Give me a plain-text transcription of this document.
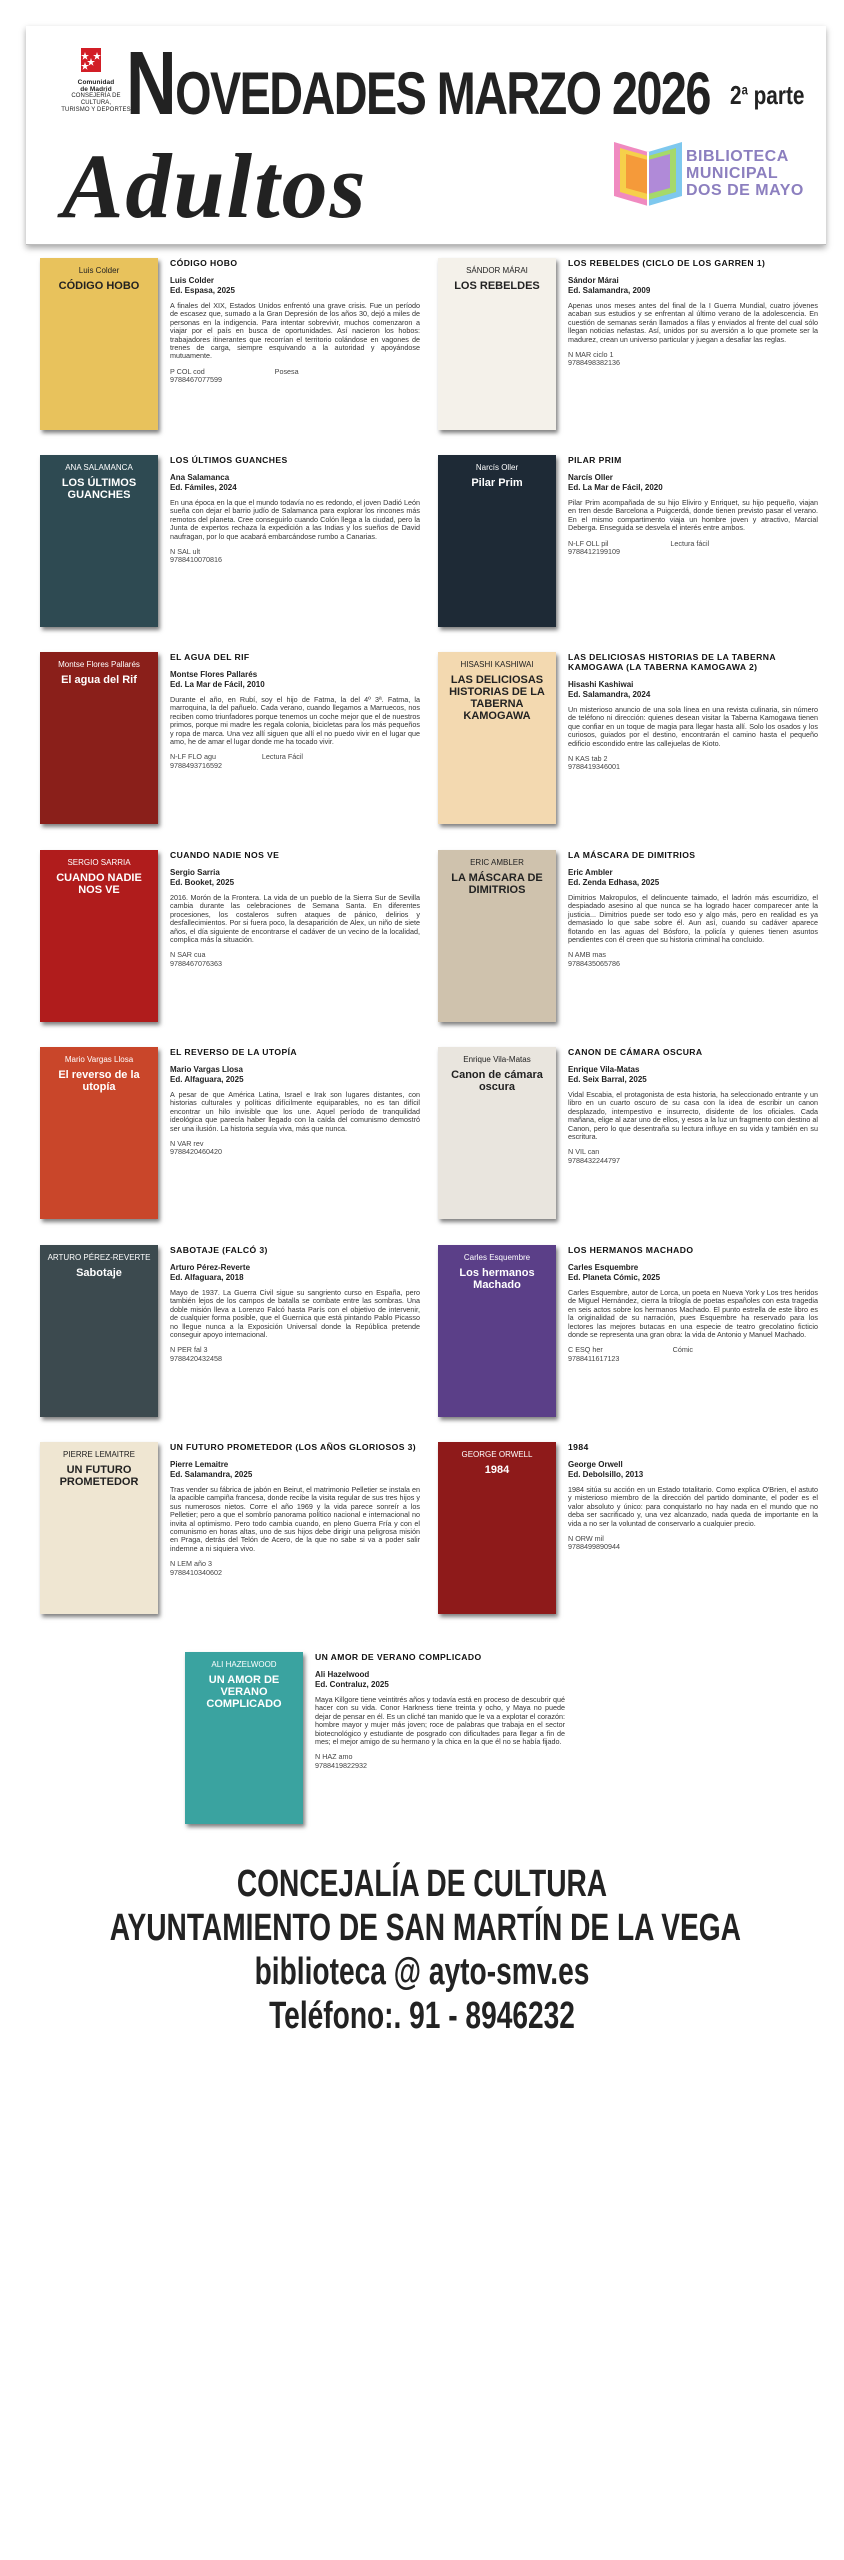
Comunidad
de Madrid
CONSEJERÍA DE CULTURA,
TURISMO Y DEPORTES
NOVEDADES MARZO 2026 2$^a$ parte
Adultos	BIBLIOTECA
MUNICIPAL
DOS DE MAYO
CÓDIGO HOBO
Luis Colder
CÓDIGO HOBO
Luis Colder
Ed. Espasa, 2025
A finales del XIX, Estados Unidos enfrentó una grave crisis. Fue un período de escasez que, sumado a la Gran Depresión de los años 30, dejó a miles de personas en la indigencia. Para intentar sobrevivir, muchos comenzaron a viajar por el país en busca de oportunidades. Así nacieron los hobos: trabajadores itinerantes que recorrían el territorio colándose en vagones de trenes de carga, siempre esquivando a la autoridad y apoyándose mutuamente.
P COL cod                                   Posesa
9788467077599
LOS REBELDES
SÁNDOR MÁRAI
LOS REBELDES (CICLO DE LOS GARREN 1)
Sándor Márai
Ed. Salamandra, 2009
Apenas unos meses antes del final de la I Guerra Mundial, cuatro jóvenes acaban sus estudios y se enfrentan al último verano de la adolescencia. En cuestión de semanas serán llamados a filas y enviados al frente del cual sólo llegan noticias nefastas. Así, unidos por su aversión a lo que promete ser la madurez, crean un universo particular y juegan a desafiar las reglas.
N MAR ciclo 1
9788498382136
LOS ÚLTIMOS GUANCHES
ANA SALAMANCA
LOS ÚLTIMOS GUANCHES
Ana Salamanca
Ed. Fámiles, 2024
En una época en la que el mundo todavía no es redondo, el joven Dadió León sueña con dejar el barrio judío de Salamanca para explorar los rincones más remotos del planeta. Cree conseguirlo cuando Colón llega a la ciudad, pero la Junta de expertos rechaza la expedición a las Indias y los sueños de David naufragan, por lo que acabará embarcándose rumbo a Canarias.
N SAL ult
9788410070816
Pilar Prim
Narcís Oller
PILAR PRIM
Narcís Oller
Ed. La Mar de Fácil, 2020
Pilar Prim acompañada de su hijo Eliviro y Enriquet, su hijo pequeño, viajan en tren desde Barcelona a Puigcerdá, donde tienen previsto pasar el verano. En el mismo compartimento viaja un hombre joven y atractivo, Marcial Deberga. Enseguida se desvela el interés entre ambos.
N-LF OLL pil                               Lectura fácil
9788412199109
El agua del Rif
Montse Flores Pallarés
EL AGUA DEL RIF
Montse Flores Pallarés
Ed. La Mar de Fácil, 2010
Durante el año, en Rubí, soy el hijo de Fatma, la del 4º 3ª. Fatma, la marroquina, la del pañuelo. Cada verano, cuando llegamos a Marruecos, nos reciben como triunfadores porque tenemos un coche mejor que el de nuestros primos, porque mi madre les regala colonia, bicicletas para los más pequeños y ropa de marca. Una vez allí siguen que allí el no puedo vivir en el lugar que amo, he de amar el lugar donde me ha tocado vivir.
N-LF FLO agu                       Lectura Fácil
9788493716592
LAS DELICIOSAS HISTORIAS DE LA TABERNA KAMOGAWA
HISASHI KASHIWAI
LAS DELICIOSAS HISTORIAS DE LA TABERNA KAMOGAWA (LA TABERNA KAMOGAWA 2)
Hisashi Kashiwai
Ed. Salamandra, 2024
Un misterioso anuncio de una sola línea en una revista culinaria, sin número de teléfono ni dirección: quienes desean visitar la Taberna Kamogawa tienen que confiar en un toque de magia para llegar hasta allí. Solo los osados y los curiosos, guiados por el destino, encontrarán el camino hasta el pequeño edificio escondido entre las callejuelas de Kioto.
N KAS tab 2
9788419346001
CUANDO NADIE NOS VE
SERGIO SARRIA
CUANDO NADIE NOS VE
Sergio Sarria
Ed. Booket, 2025
2016. Morón de la Frontera. La vida de un pueblo de la Sierra Sur de Sevilla cambia durante las celebraciones de Semana Santa. En diferentes procesiones, los costaleros sufren ataques de pánico, delirios y desfallecimientos. Por si fuera poco, la desaparición de Alex, un niño de siete años, el día siguiente de encontrarse el cadáver de un vecino de la localidad, complica más la situación.
N SAR cua
9788467076363
LA MÁSCARA DE DIMITRIOS
ERIC AMBLER
LA MÁSCARA DE DIMITRIOS
Eric Ambler
Ed. Zenda Edhasa, 2025
Dimitrios Makropulos, el delincuente taimado, el ladrón más escurridizo, el despiadado asesino al que nunca se ha logrado hacer comparecer ante la justicia... Dimitrios puede ser todo eso y algo más, pero en realidad es ya demasiado lo que sabe sobre él. Aun así, cuando su cadáver aparece flotando en las aguas del Bósforo, la policía y quienes tienen asuntos pendientes con él creen que su historia criminal ha concluido.
N AMB mas
9788435065786
El reverso de la utopía
Mario Vargas Llosa
EL REVERSO DE LA UTOPÍA
Mario Vargas Llosa
Ed. Alfaguara, 2025
A pesar de que América Latina, Israel e Irak son lugares distantes, con historias culturales y políticas difícilmente equiparables, no es tan difícil encontrar un hilo invisible que los une. Aquel período de tranquilidad ideológica que parecía haber llegado con la caída del comunismo demostró ser una ilusión. La historia seguía viva, más que nunca.
N VAR rev
9788420460420
Canon de cámara oscura
Enrique Vila-Matas
CANON DE CÁMARA OSCURA
Enrique Vila-Matas
Ed. Seix Barral, 2025
Vidal Escabia, el protagonista de esta historia, ha seleccionado entrante y un libro en un cuarto oscuro de su casa con la idea de escribir un canon desplazado, intempestivo e insurrecto, disidente de los oficiales. Cada mañana, elige al azar uno de ellos, y esos a la luz un fragmento con destino al Canon, pero lo que desentraña su lectura influye en su vida y también en su escritura.
N VIL can
9788432244797
Sabotaje
ARTURO PÉREZ-REVERTE
SABOTAJE (FALCÓ 3)
Arturo Pérez-Reverte
Ed. Alfaguara, 2018
Mayo de 1937. La Guerra Civil sigue su sangriento curso en España, pero también lejos de los campos de batalla se combate entre las sombras. Una doble misión lleva a Lorenzo Falcó hasta París con el objetivo de intervenir, de cualquier forma posible, que el Guernica que está pintando Pablo Picasso no llegue nunca a la Exposición Universal donde la República pretende conseguir apoyo internacional.
N PER fal 3
9788420432458
Los hermanos Machado
Carles Esquembre
LOS HERMANOS MACHADO
Carles Esquembre
Ed. Planeta Cómic, 2025
Carles Esquembre, autor de Lorca, un poeta en Nueva York y Los tres heridos de Miguel Hernández, cierra la trilogía de poetas españoles con esta tragedia en seis actos sobre los hermanos Machado. El punto estrella de este libro es la originalidad de su narración, pues Esquembre ha reservado para los lectores las mejores butacas en una especie de teatro grecolatino ficticio donde se representa una gran obra: la vida de Antonio y Manuel Machado.
C ESQ her                                   Cómic
9788411617123
UN FUTURO PROMETEDOR
PIERRE LEMAITRE
UN FUTURO PROMETEDOR (LOS AÑOS GLORIOSOS 3)
Pierre Lemaitre
Ed. Salamandra, 2025
Tras vender su fábrica de jabón en Beirut, el matrimonio Pelletier se instala en la apacible campiña francesa, donde recibe la visita regular de sus tres hijos y sus numerosos nietos. Corre el año 1969 y la vida parece sonreír a los Pelletier; pero a que el sombrío panorama político nacional e internacional no invita al optimismo. Pero todo cambia cuando, en pleno Guerra Fría y con el comunismo en horas altas, uno de sus hijos debe dirigir una peligrosa misión en Praga, detrás del Telón de Acero, de la que no sabe si va a poder salir indemne a ni siquiera vivo.
N LEM año 3
9788410340602
1984
GEORGE ORWELL
1984
George Orwell
Ed. Debolsillo, 2013
1984 sitúa su acción en un Estado totalitario. Como explica O'Brien, el astuto y misterioso miembro de la dirección del partido dominante, el poder es el valor absoluto y único: para conquistarlo no hay nada en el mundo que no deba ser sacrificado y, una vez alcanzado, nada queda de importante en la vida a no ser la voluntad de conservarlo a cualquier precio.
N ORW mil
9788499890944
UN AMOR DE VERANO COMPLICADO
ALI HAZELWOOD
UN AMOR DE VERANO COMPLICADO
Ali Hazelwood
Ed. Contraluz, 2025
Maya Killgore tiene veintitrés años y todavía está en proceso de descubrir qué hacer con su vida. Conor Harkness tiene treinta y ocho, y Maya no puede dejar de pensar en él. Es un cliché tan manido que le va a explotar el corazón: hombre mayor y mujer más joven; roce de palabras que trabaja en el sector biotecnológico y estudiante de posgrado con dificultades para llegar a fin de mes; el mejor amigo de su hermano y la chica en la que él no se había fijado.
N HAZ amo
9788419822932
CONCEJALÍA DE CULTURA
AYUNTAMIENTO DE SAN MARTÍN DE LA VEGA
biblioteca @ ayto-smv.es
Teléfono:. 91 - 8946232
